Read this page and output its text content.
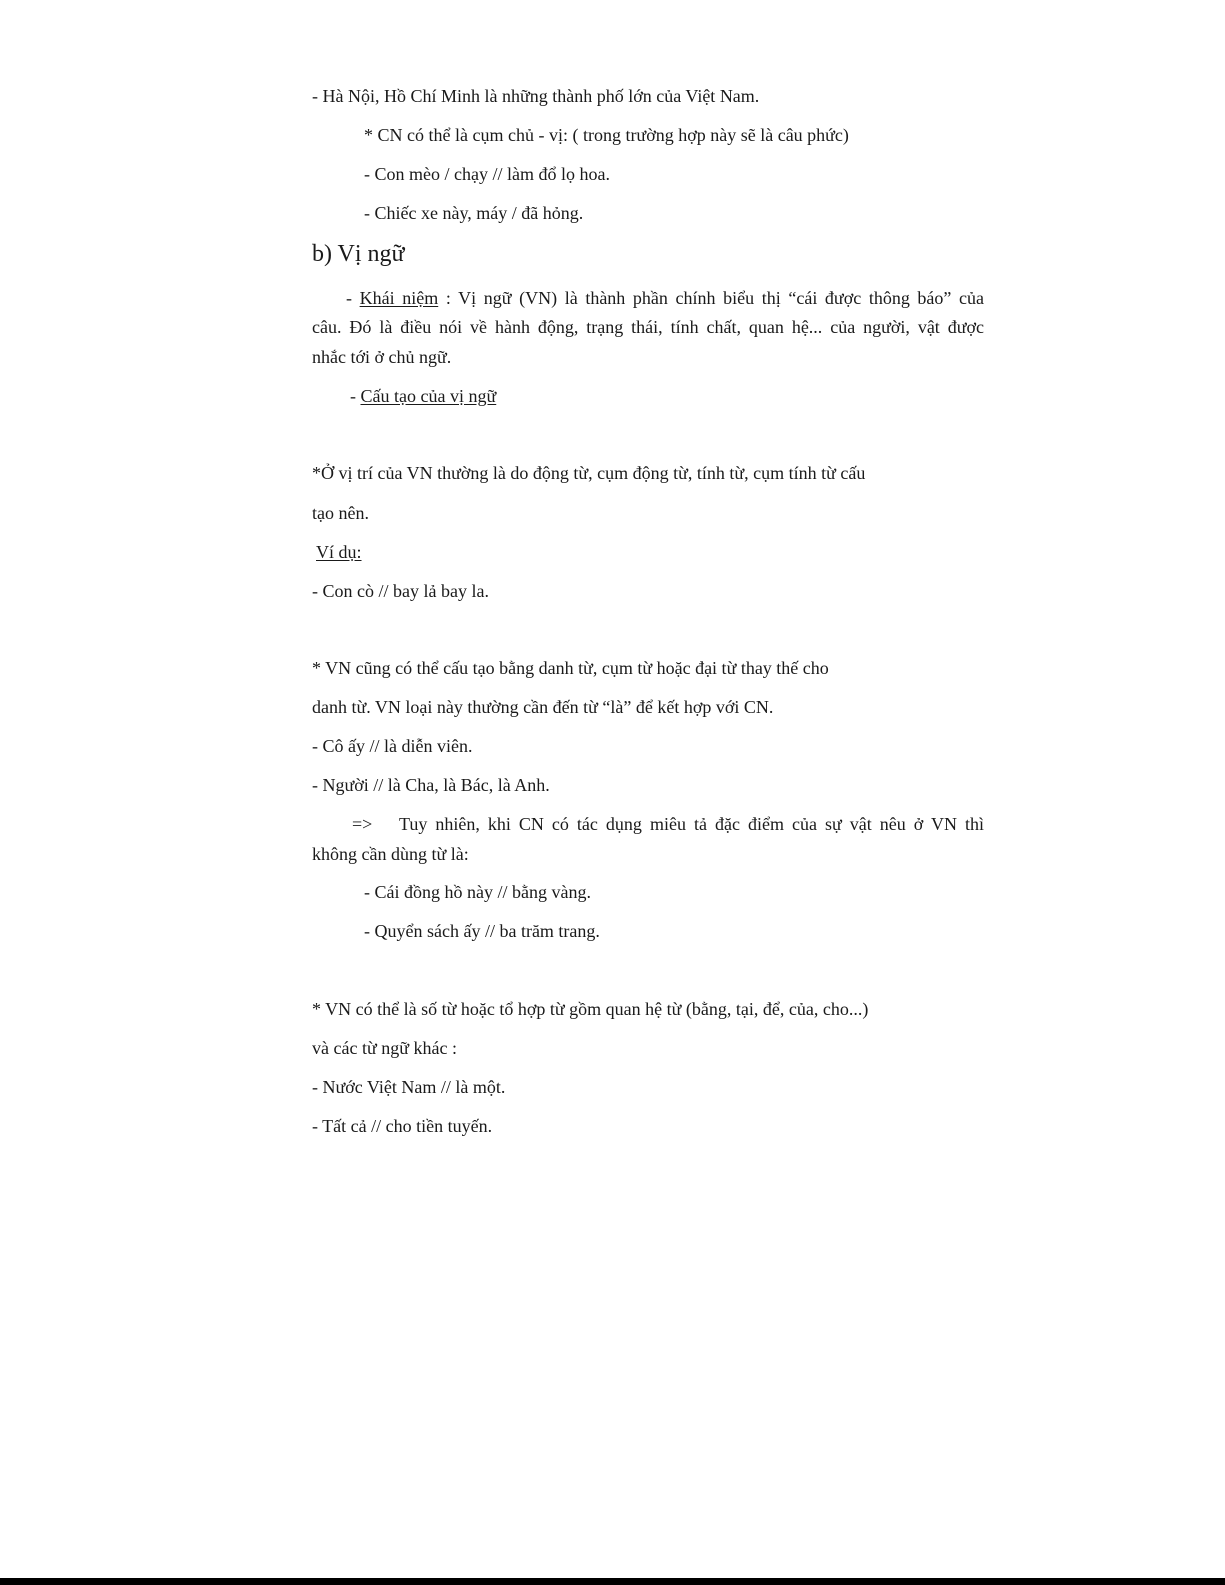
- Hà Nội, Hồ Chí Minh là những thành phố lớn của Việt Nam.
* CN có thể là cụm chủ - vị: ( trong trường hợp này sẽ là câu phức)
- Con mèo / chạy // làm đổ lọ hoa.
- Chiếc xe này, máy / đã hỏng.
b) Vị ngữ
- Khái niệm : Vị ngữ (VN) là thành phần chính biểu thị “cái được thông báo” của
câu. Đó là điều nói về hành động, trạng thái, tính chất, quan hệ... của người, vật được
nhắc tới ở chủ ngữ.
- Cấu tạo của vị ngữ
*Ở vị trí của VN thường là do động từ, cụm động từ, tính từ, cụm tính từ cấu
tạo nên.
Ví dụ:
- Con cò // bay lả bay la.
* VN cũng có thể cấu tạo bằng danh từ, cụm từ hoặc đại từ thay thế cho
danh từ. VN loại này thường cần đến từ “là” để kết hợp với CN.
- Cô ấy // là diễn viên.
- Người // là Cha, là Bác, là Anh.
=> Tuy nhiên, khi CN có tác dụng miêu tả đặc điểm của sự vật nêu ở VN thì
không cần dùng từ là:
- Cái đồng hồ này // bằng vàng.
- Quyển sách ấy // ba trăm trang.
* VN có thể là số từ hoặc tổ hợp từ gồm quan hệ từ (bằng, tại, để, của, cho...)
và các từ ngữ khác :
- Nước Việt Nam // là một.
- Tất cả // cho tiền tuyến.
